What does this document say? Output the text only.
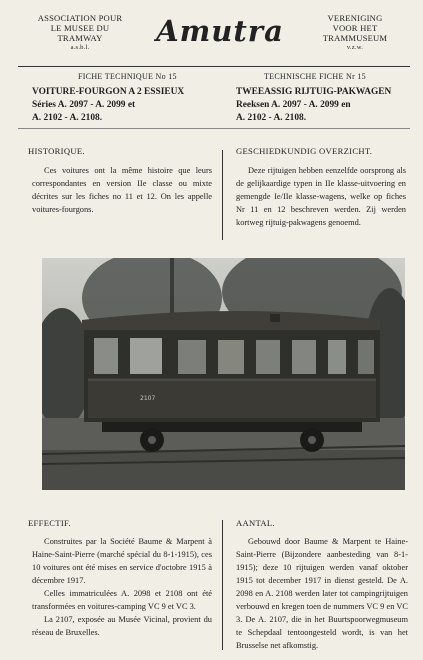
ASSOCIATION POUR
LE MUSEE DU
TRAMWAY
a.s.b.l.	Amutra	VERENIGING
VOOR HET
TRAMMUSEUM
v.z.w.
FICHE TECHNIQUE No 15	TECHNISCHE FICHE Nr 15
VOITURE-FOURGON A 2 ESSIEUX
Séries A. 2097 - A. 2099 et
A. 2102 - A. 2108.
TWEEASSIG RIJTUIG-PAKWAGEN
Reeksen A. 2097 - A. 2099 en
A. 2102 - A. 2108.
HISTORIQUE.	GESCHIEDKUNDIG OVERZICHT.

Ces voitures ont la même histoire que leurs correspondantes en version IIe classe ou mixte décrites sur les fiches no 11 et 12. On les appelle voitures-fourgons.

Deze rijtuigen hebben eenzelfde oorsprong als de gelijkaardige typen in IIe klasse-uitvoering en gemengde Ie/IIe klasse-wagens, welke op fiches Nr 11 en 12 beschreven werden. Zij werden kortweg rijtuig-pakwagens genoemd.

2107
EFFECTIF.	AANTAL.

Construites par la Société Baume & Marpent à Haine-Saint-Pierre (marché spécial du 8-1-1915), ces 10 voitures ont été mises en service d'octobre 1915 à décembre 1917.

Celles immatriculées A. 2098 et 2108 ont été transformées en voitures-camping VC 9 et VC 3.

La 2107, exposée au Musée Vicinal, provient du réseau de Bruxelles.

Gebouwd door Baume & Marpent te Haine-Saint-Pierre (Bijzondere aanbesteding van 8-1-1915); deze 10 rijtuigen werden vanaf oktober 1915 tot december 1917 in dienst gesteld. De A. 2098 en A. 2108 werden later tot campingrijtuigen verbouwd en kregen toen de nummers VC 9 en VC 3. De A. 2107, die in het Buurtspoorwegmuseum te Schepdaal tentoongesteld wordt, is van het Brusselse net afkomstig.
